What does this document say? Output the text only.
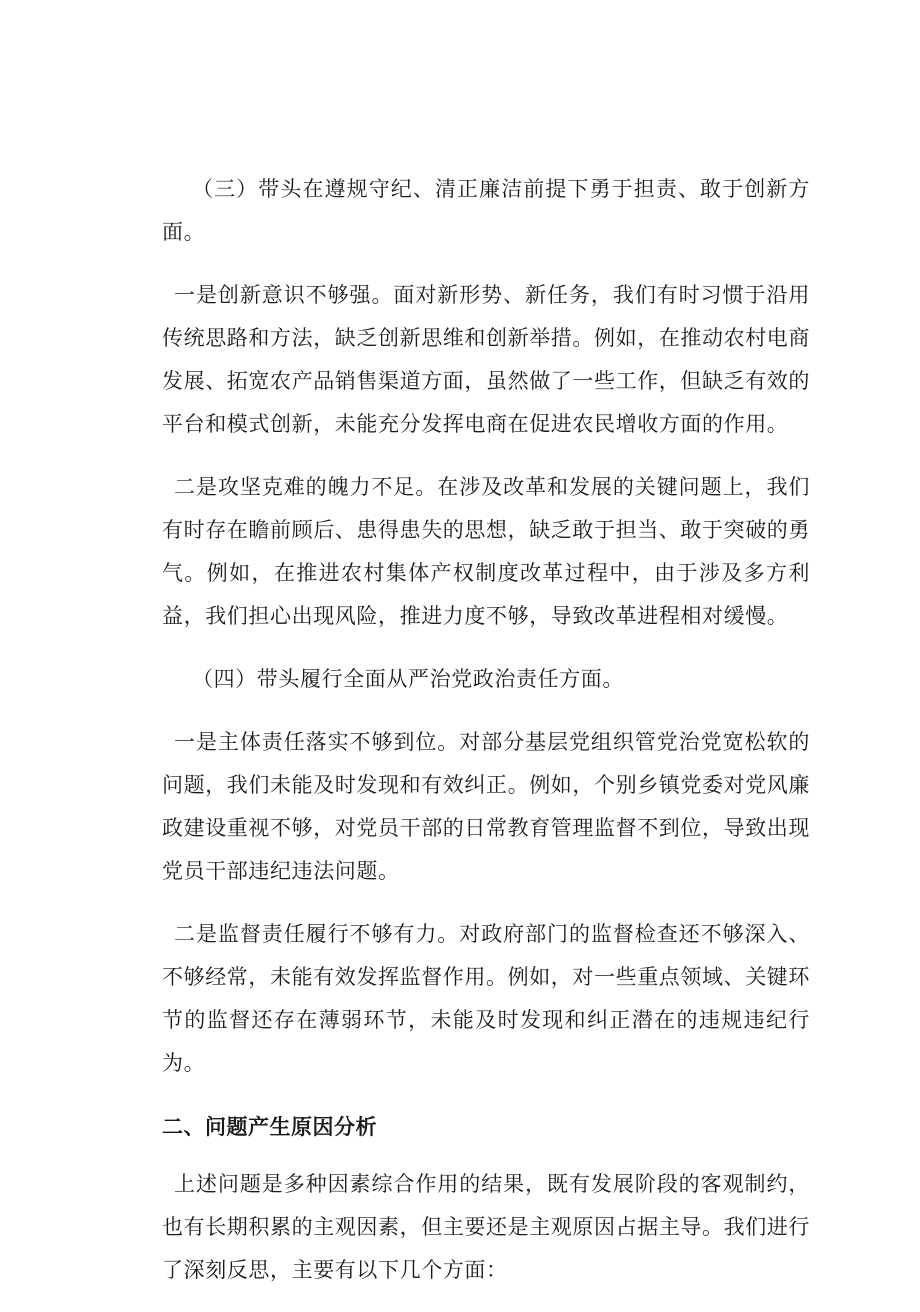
（三）带头在遵规守纪、清正廉洁前提下勇于担责、敢于创新方面。

一是创新意识不够强。面对新形势、新任务，我们有时习惯于沿用传统思路和方法，缺乏创新思维和创新举措。例如，在推动农村电商发展、拓宽农产品销售渠道方面，虽然做了一些工作，但缺乏有效的平台和模式创新，未能充分发挥电商在促进农民增收方面的作用。

二是攻坚克难的魄力不足。在涉及改革和发展的关键问题上，我们有时存在瞻前顾后、患得患失的思想，缺乏敢于担当、敢于突破的勇气。例如，在推进农村集体产权制度改革过程中，由于涉及多方利益，我们担心出现风险，推进力度不够，导致改革进程相对缓慢。

（四）带头履行全面从严治党政治责任方面。

一是主体责任落实不够到位。对部分基层党组织管党治党宽松软的问题，我们未能及时发现和有效纠正。例如，个别乡镇党委对党风廉政建设重视不够，对党员干部的日常教育管理监督不到位，导致出现党员干部违纪违法问题。

二是监督责任履行不够有力。对政府部门的监督检查还不够深入、不够经常，未能有效发挥监督作用。例如，对一些重点领域、关键环节的监督还存在薄弱环节，未能及时发现和纠正潜在的违规违纪行为。

二、问题产生原因分析

上述问题是多种因素综合作用的结果，既有发展阶段的客观制约，也有长期积累的主观因素，但主要还是主观原因占据主导。我们进行了深刻反思，主要有以下几个方面：
